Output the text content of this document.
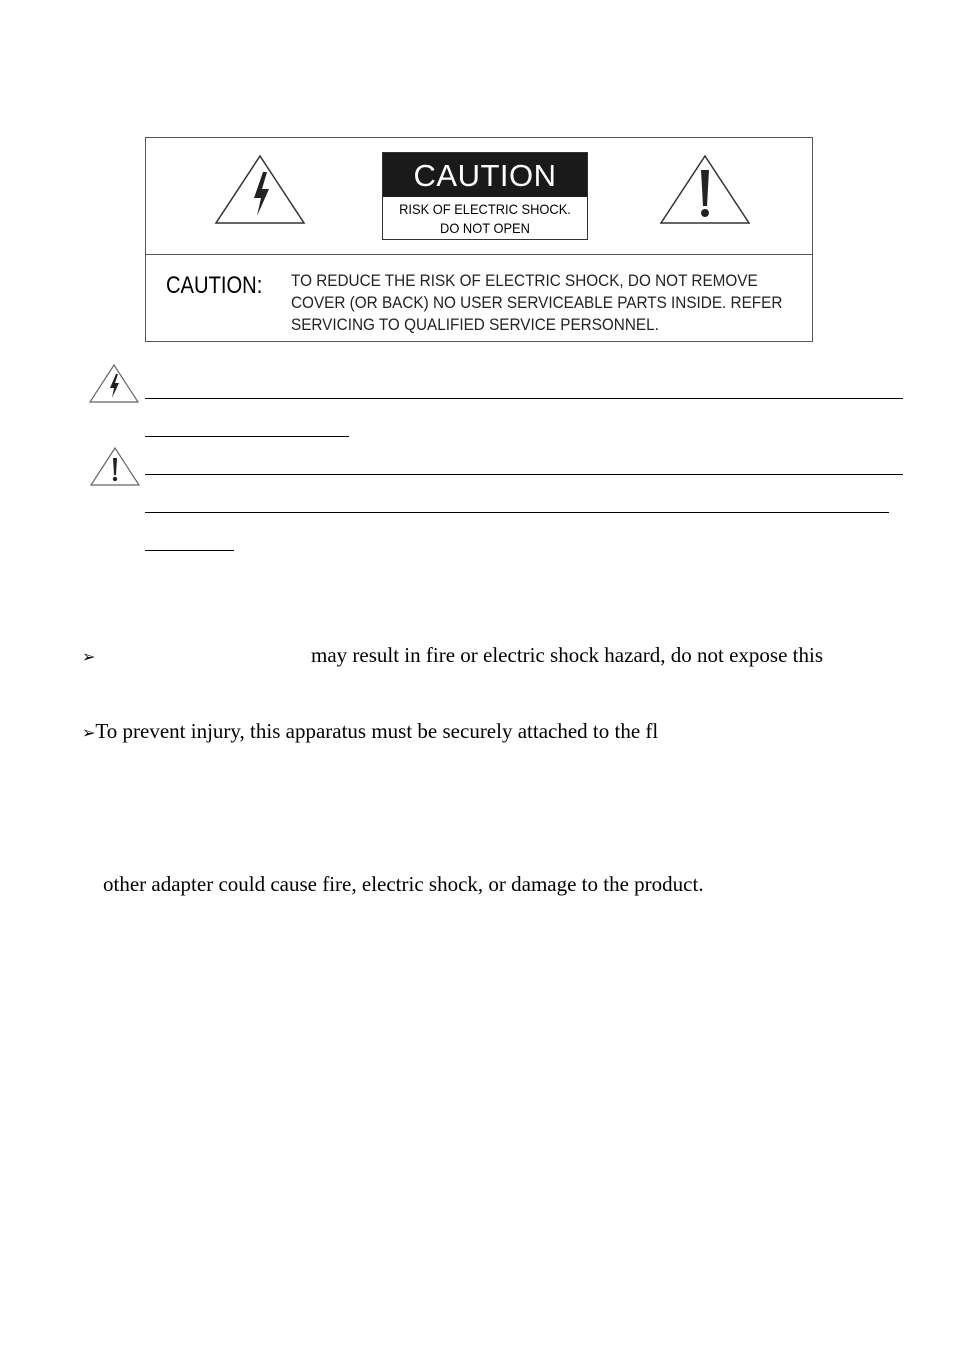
CAUTION
RISK OF ELECTRIC SHOCK.
DO NOT OPEN
CAUTION: TO REDUCE THE RISK OF ELECTRIC SHOCK, DO NOT REMOVE
COVER (OR BACK) NO USER SERVICEABLE PARTS INSIDE. REFER
SERVICING TO QUALIFIED SERVICE PERSONNEL.
➢	may result in fire or electric shock hazard, do not expose this
➢To prevent injury, this apparatus must be securely attached to the fl
other adapter could cause fire, electric shock, or damage to the product.
